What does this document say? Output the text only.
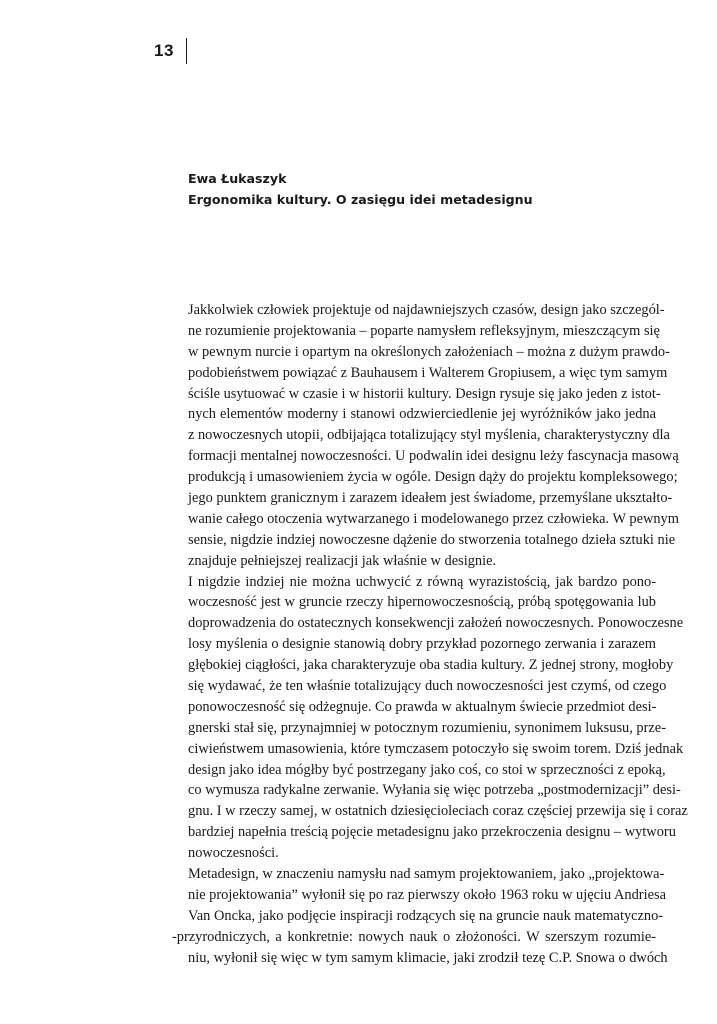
13
Ewa Łukaszyk
Ergonomika kultury. O zasięgu idei metadesignu
Jakkolwiek człowiek projektuje od najdawniejszych czasów, design jako szczegól-
ne rozumienie projektowania – poparte namysłem refleksyjnym, mieszczącym się
w pewnym nurcie i opartym na określonych założeniach – można z dużym prawdo-
podobieństwem powiązać z Bauhausem i Walterem Gropiusem, a więc tym samym
ściśle usytuować w czasie i w historii kultury. Design rysuje się jako jeden z istot-
nych elementów moderny i stanowi odzwierciedlenie jej wyróżników jako jedna
z nowoczesnych utopii, odbijająca totalizujący styl myślenia, charakterystyczny dla
formacji mentalnej nowoczesności. U podwalin idei designu leży fascynacja masową
produkcją i umasowieniem życia w ogóle. Design dąży do projektu kompleksowego;
jego punktem granicznym i zarazem ideałem jest świadome, przemyślane ukształto-
wanie całego otoczenia wytwarzanego i modelowanego przez człowieka. W pewnym
sensie, nigdzie indziej nowoczesne dążenie do stworzenia totalnego dzieła sztuki nie
znajduje pełniejszej realizacji jak właśnie w designie.
I nigdzie indziej nie można uchwycić z równą wyrazistością, jak bardzo pono-
woczesność jest w gruncie rzeczy hipernowoczesnością, próbą spotęgowania lub
doprowadzenia do ostatecznych konsekwencji założeń nowoczesnych. Ponowoczesne
losy myślenia o designie stanowią dobry przykład pozornego zerwania i zarazem
głębokiej ciągłości, jaka charakteryzuje oba stadia kultury. Z jednej strony, mogłoby
się wydawać, że ten właśnie totalizujący duch nowoczesności jest czymś, od czego
ponowoczesność się odżegnuje. Co prawda w aktualnym świecie przedmiot desi-
gnerski stał się, przynajmniej w potocznym rozumieniu, synonimem luksusu, prze-
ciwieństwem umasowienia, które tymczasem potoczyło się swoim torem. Dziś jednak
design jako idea mógłby być postrzegany jako coś, co stoi w sprzeczności z epoką,
co wymusza radykalne zerwanie. Wyłania się więc potrzeba „postmodernizacji” desi-
gnu. I w rzeczy samej, w ostatnich dziesięcioleciach coraz częściej przewija się i coraz
bardziej napełnia treścią pojęcie metadesignu jako przekroczenia designu – wytworu
nowoczesności.
Metadesign, w znaczeniu namysłu nad samym projektowaniem, jako „projektowa-
nie projektowania” wyłonił się po raz pierwszy około 1963 roku w ujęciu Andriesa
Van Oncka, jako podjęcie inspiracji rodzących się na gruncie nauk matematyczno-
-przyrodniczych, a konkretnie: nowych nauk o złożoności. W szerszym rozumie-
niu, wyłonił się więc w tym samym klimacie, jaki zrodził tezę C.P. Snowa o dwóch
